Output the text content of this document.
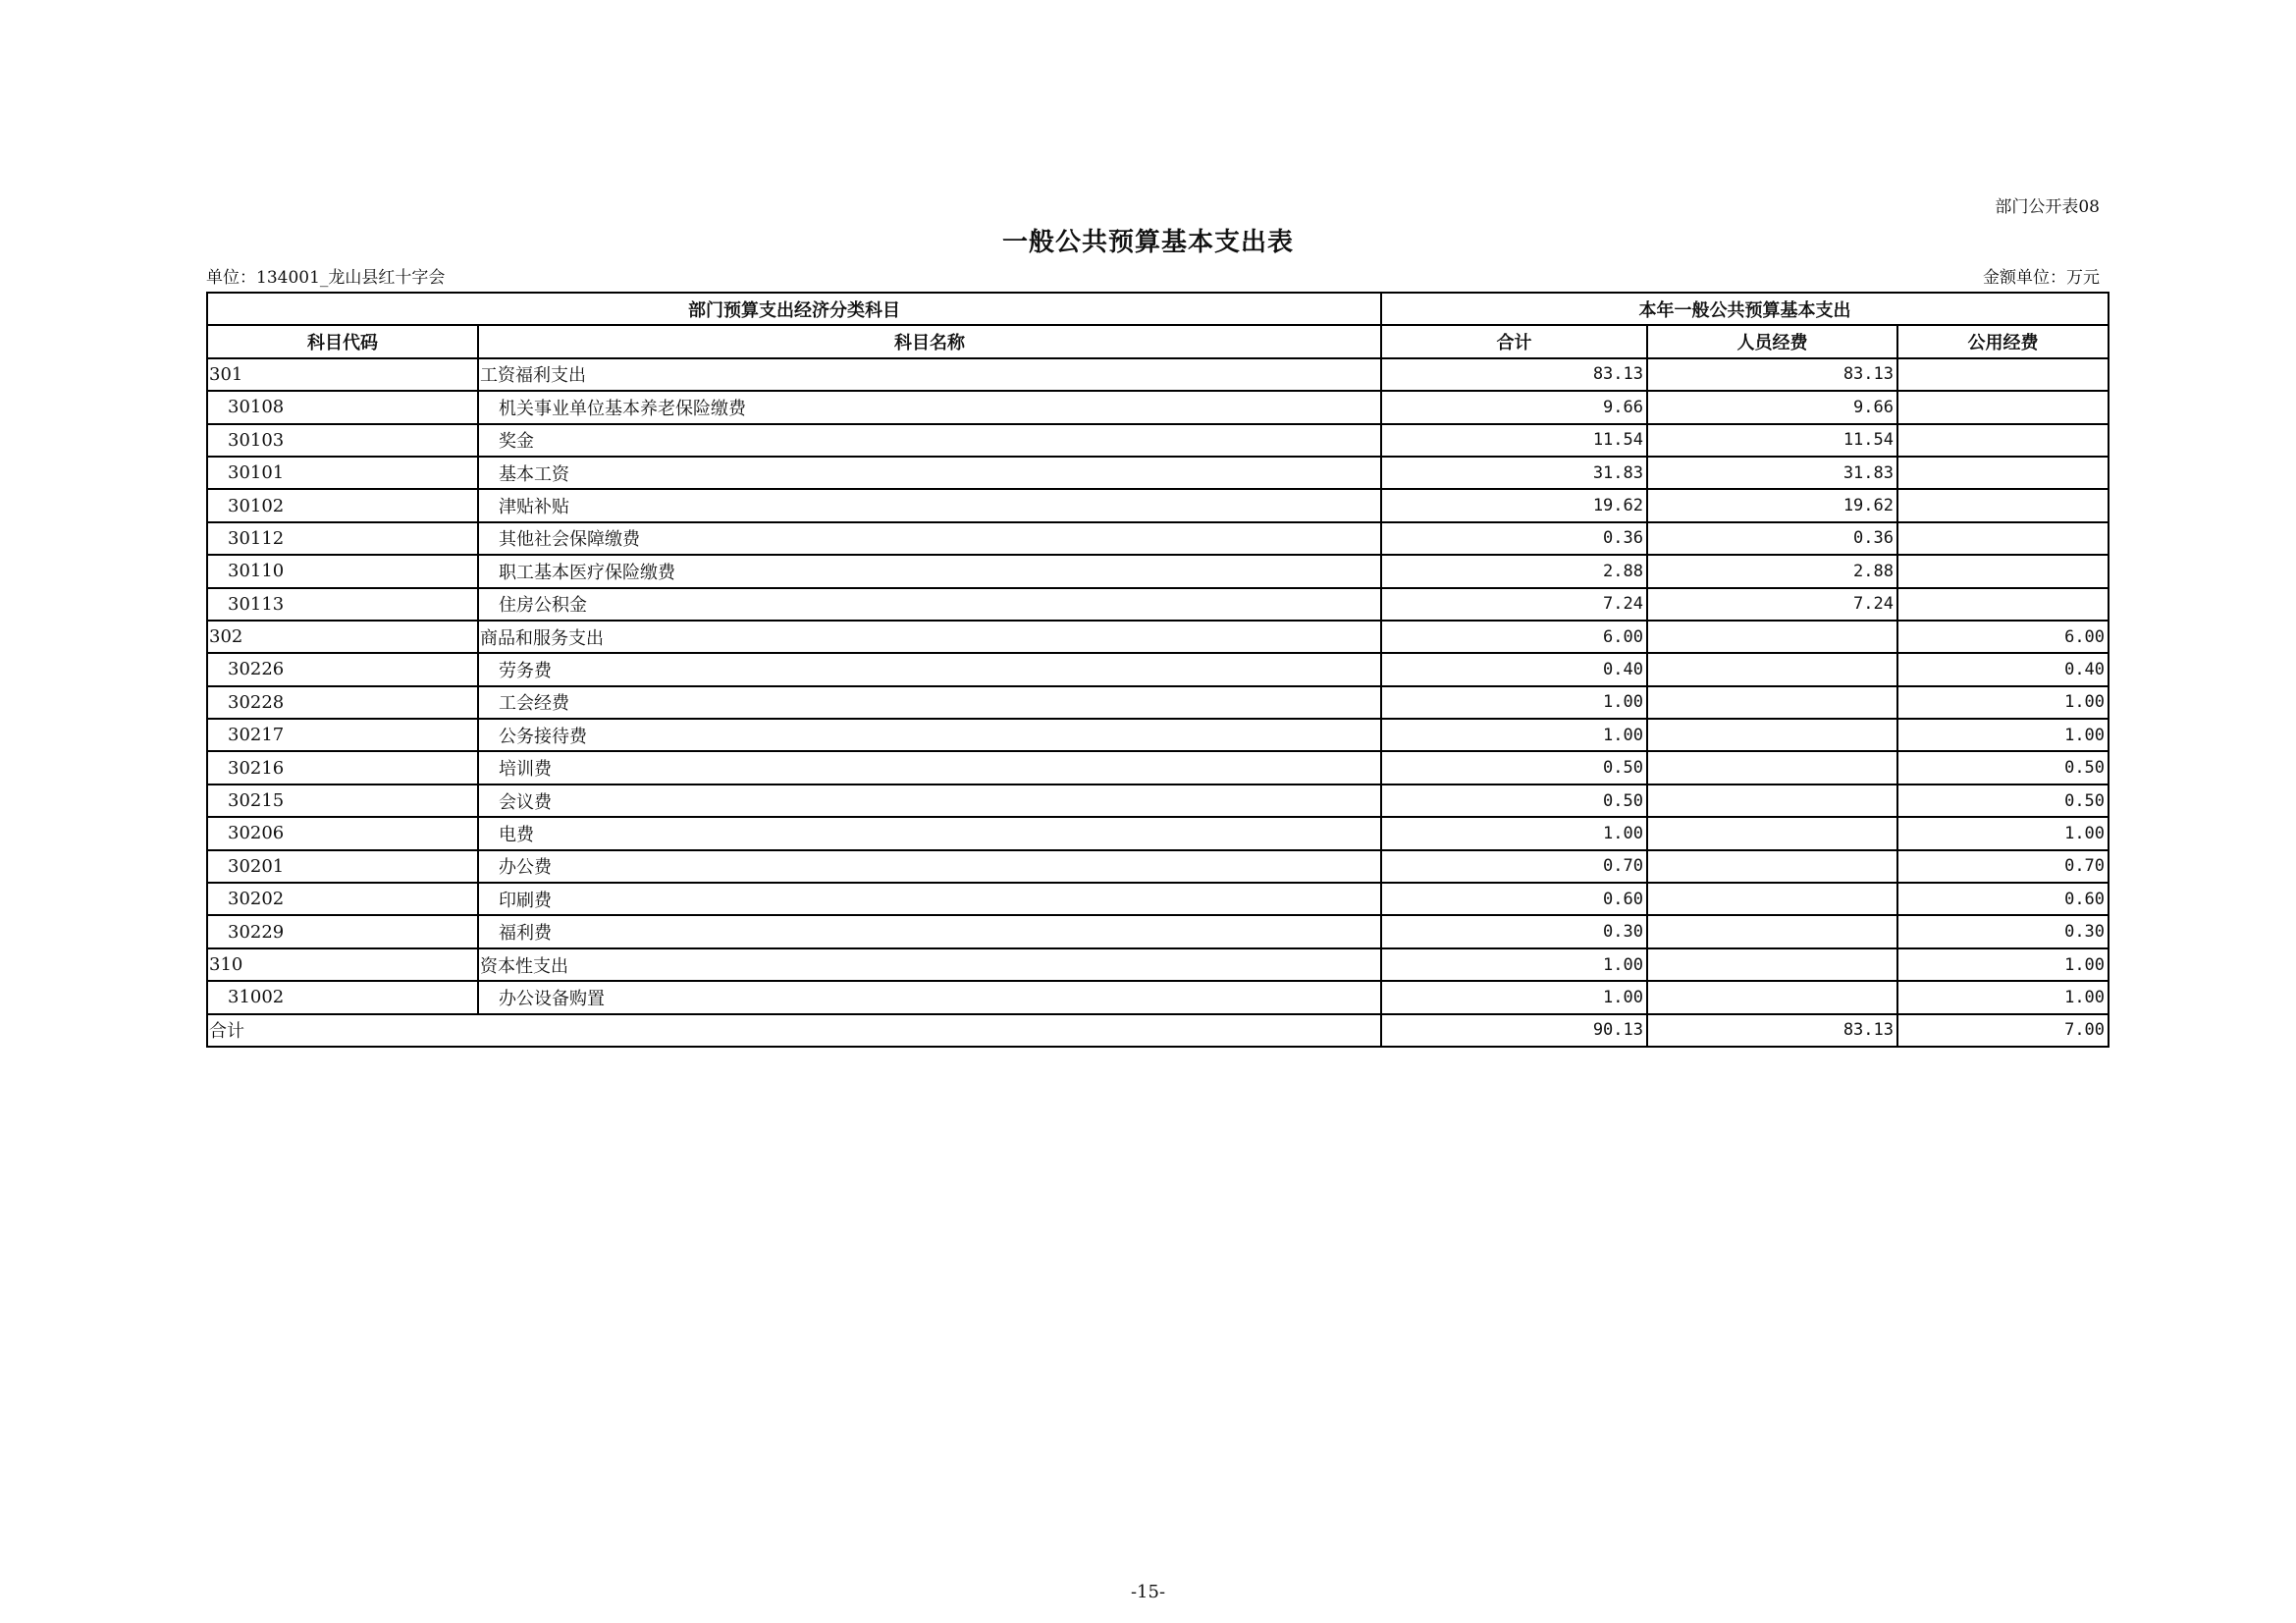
部门公开表08
一般公共预算基本支出表
单位：134001_龙山县红十字会	金额单位：万元
部门预算支出经济分类科目		本年一般公共预算基本支出		
科目代码	科目名称	合计	人员经费	公用经费
301	工资福利支出	83.13	83.13	
30108	机关事业单位基本养老保险缴费	9.66	9.66	
30103	奖金	11.54	11.54	
30101	基本工资	31.83	31.83	
30102	津贴补贴	19.62	19.62	
30112	其他社会保障缴费	0.36	0.36	
30110	职工基本医疗保险缴费	2.88	2.88	
30113	住房公积金	7.24	7.24	
302	商品和服务支出	6.00		6.00
30226	劳务费	0.40		0.40
30228	工会经费	1.00		1.00
30217	公务接待费	1.00		1.00
30216	培训费	0.50		0.50
30215	会议费	0.50		0.50
30206	电费	1.00		1.00
30201	办公费	0.70		0.70
30202	印刷费	0.60		0.60
30229	福利费	0.30		0.30
310	资本性支出	1.00		1.00
31002	办公设备购置	1.00		1.00
合计		90.13	83.13	7.00
-15-
